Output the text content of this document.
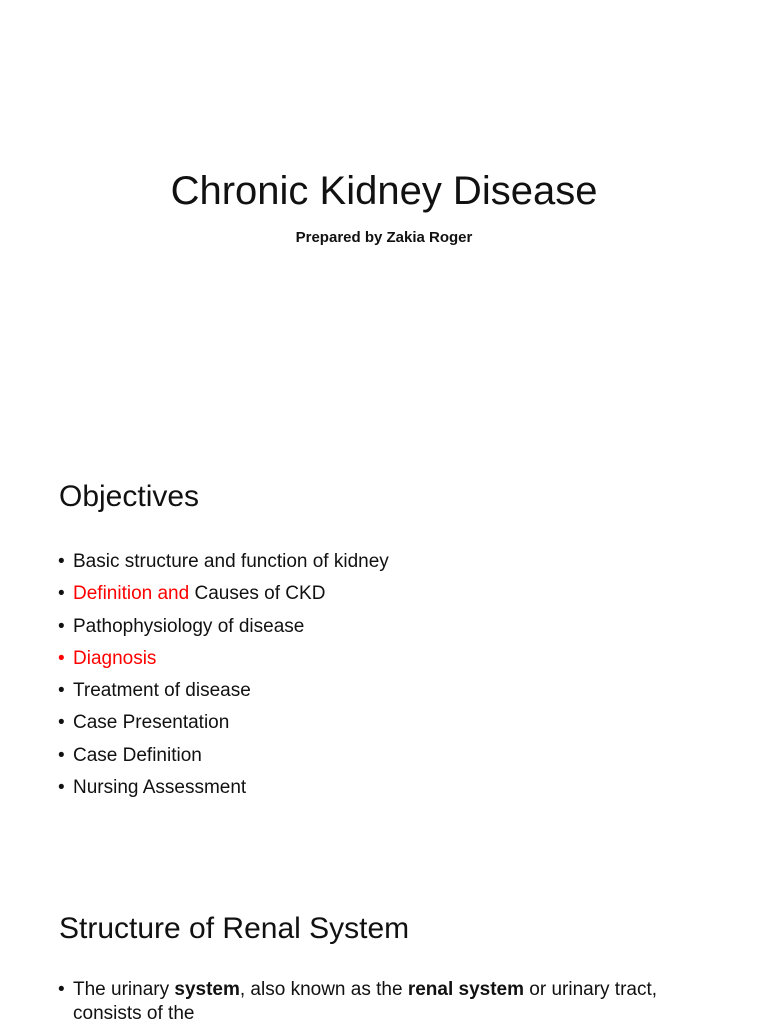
Chronic Kidney Disease

Prepared by Zakia Roger

Objectives
• Basic structure and function of kidney
• Definition and Causes of CKD
• Pathophysiology of disease
• Diagnosis
• Treatment of disease
• Case Presentation
• Case Definition
• Nursing Assessment
Structure of Renal System
• The urinary system, also known as the renal system or urinary tract, consists of the
